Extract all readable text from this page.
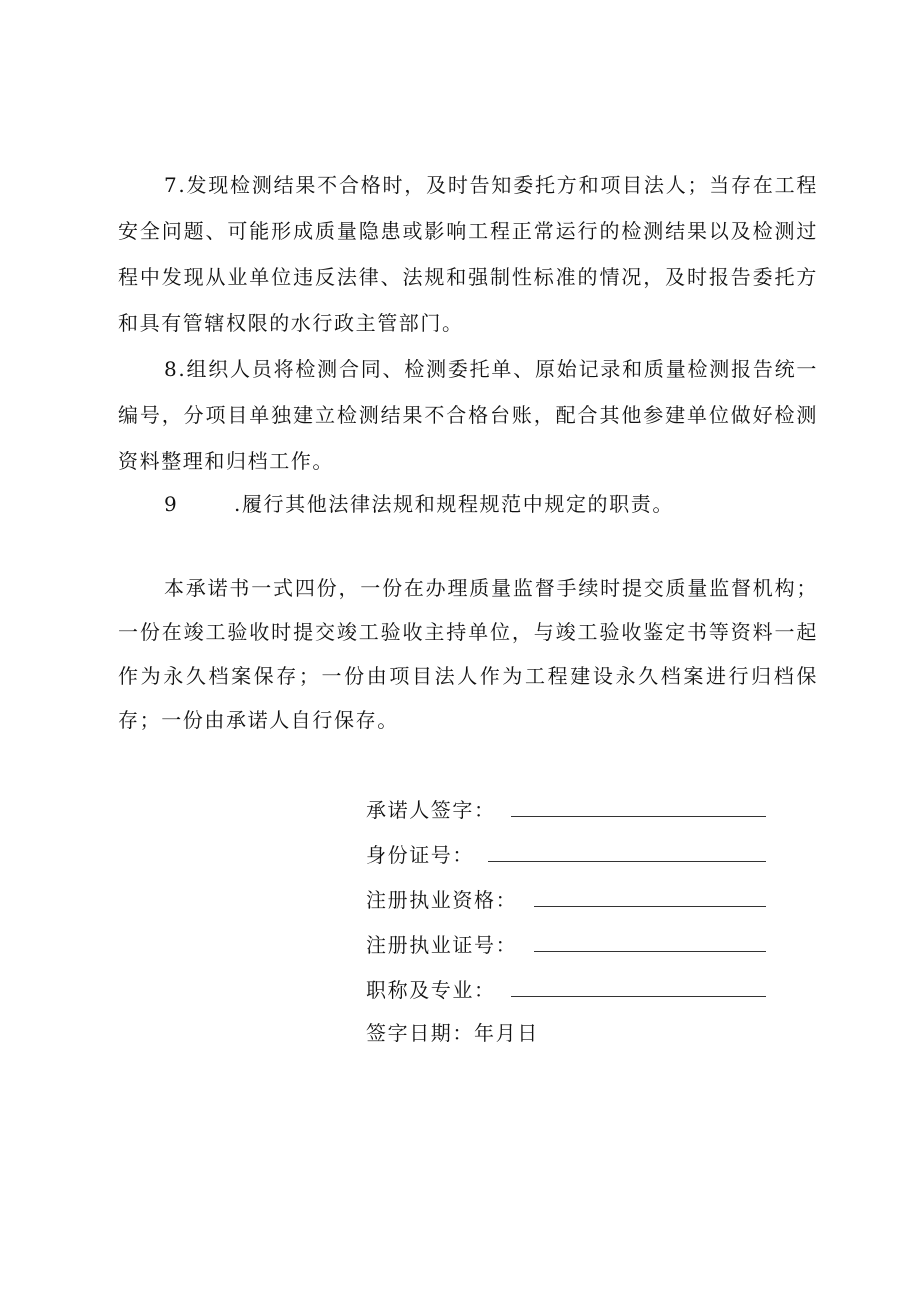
7.发现检测结果不合格时，及时告知委托方和项目法人；当存在工程安全问题、可能形成质量隐患或影响工程正常运行的检测结果以及检测过程中发现从业单位违反法律、法规和强制性标准的情况，及时报告委托方和具有管辖权限的水行政主管部门。

8.组织人员将检测合同、检测委托单、原始记录和质量检测报告统一编号，分项目单独建立检测结果不合格台账，配合其他参建单位做好检测资料整理和归档工作。

9	.履行其他法律法规和规程规范中规定的职责。

本承诺书一式四份，一份在办理质量监督手续时提交质量监督机构；一份在竣工验收时提交竣工验收主持单位，与竣工验收鉴定书等资料一起作为永久档案保存；一份由项目法人作为工程建设永久档案进行归档保存；一份由承诺人自行保存。

承诺人签字：
身份证号：
注册执业资格：
注册执业证号：
职称及专业：
签字日期：年月日
